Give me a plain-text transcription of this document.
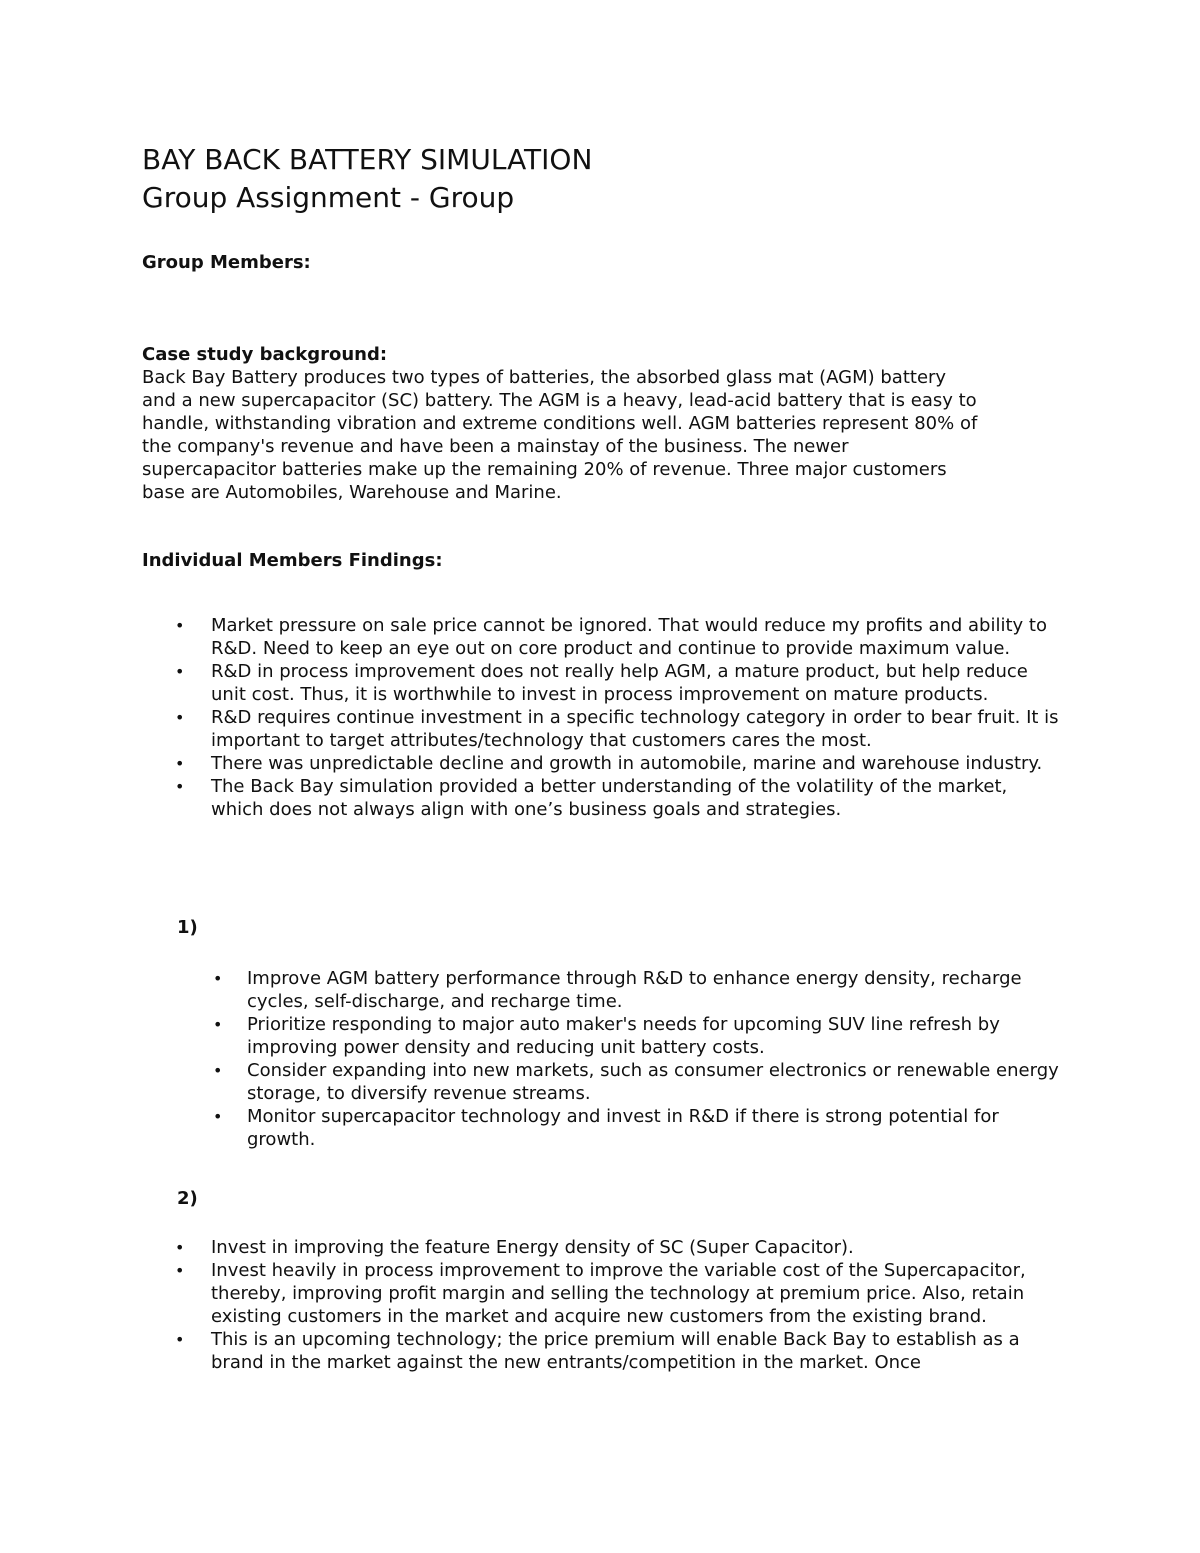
BAY BACK BATTERY SIMULATION
Group Assignment - Group
Group Members:
Case study background:
Back Bay Battery produces two types of batteries, the absorbed glass mat (AGM) battery
and a new supercapacitor (SC) battery. The AGM is a heavy, lead-acid battery that is easy to
handle, withstanding vibration and extreme conditions well. AGM batteries represent 80% of
the company's revenue and have been a mainstay of the business. The newer
supercapacitor batteries make up the remaining 20% of revenue. Three major customers
base are Automobiles, Warehouse and Marine.
Individual Members Findings:
• Market pressure on sale price cannot be ignored. That would reduce my profits and ability to R&D. Need to keep an eye out on core product and continue to provide maximum value.
• R&D in process improvement does not really help AGM, a mature product, but help reduce unit cost. Thus, it is worthwhile to invest in process improvement on mature products.
• R&D requires continue investment in a specific technology category in order to bear fruit. It is important to target attributes/technology that customers cares the most.
• There was unpredictable decline and growth in automobile, marine and warehouse industry.
• The Back Bay simulation provided a better understanding of the volatility of the market, which does not always align with one’s business goals and strategies.
1)
• Improve AGM battery performance through R&D to enhance energy density, recharge cycles, self-discharge, and recharge time.
• Prioritize responding to major auto maker's needs for upcoming SUV line refresh by improving power density and reducing unit battery costs.
• Consider expanding into new markets, such as consumer electronics or renewable energy storage, to diversify revenue streams.
• Monitor supercapacitor technology and invest in R&D if there is strong potential for growth.
2)
• Invest in improving the feature Energy density of SC (Super Capacitor).
• Invest heavily in process improvement to improve the variable cost of the Supercapacitor, thereby, improving profit margin and selling the technology at premium price. Also, retain existing customers in the market and acquire new customers from the existing brand.
• This is an upcoming technology; the price premium will enable Back Bay to establish as a brand in the market against the new entrants/competition in the market. Once
